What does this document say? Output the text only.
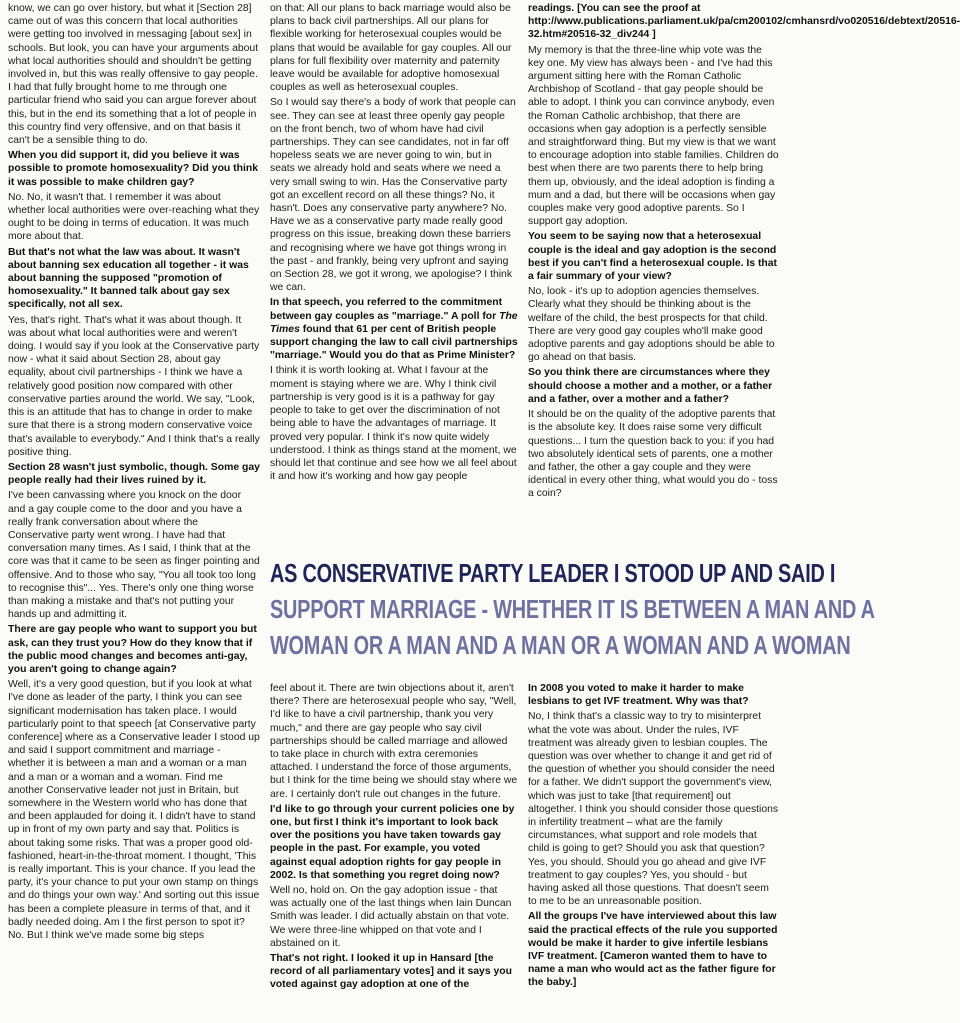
know, we can go over history, but what it [Section 28] came out of was this concern that local authorities were getting too involved in messaging [about sex] in schools. But look, you can have your arguments about what local authorities should and shouldn't be getting involved in, but this was really offensive to gay people. I had that fully brought home to me through one particular friend who said you can argue forever about this, but in the end its something that a lot of people in this country find very offensive, and on that basis it can't be a sensible thing to do.

When you did support it, did you believe it was possible to promote homosexuality? Did you think it was possible to make children gay?

No. No, it wasn't that. I remember it was about whether local authorities were over-reaching what they ought to be doing in terms of education. It was much more about that.

But that's not what the law was about. It wasn't about banning sex education all together - it was about banning the supposed "promotion of homosexuality." It banned talk about gay sex specifically, not all sex.

Yes, that's right. That's what it was about though. It was about what local authorities were and weren't doing. I would say if you look at the Conservative party now - what it said about Section 28, about gay equality, about civil partnerships - I think we have a relatively good position now compared with other conservative parties around the world. We say, "Look, this is an attitude that has to change in order to make sure that there is a strong modern conservative voice that's available to everybody." And I think that's a really positive thing.

Section 28 wasn't just symbolic, though. Some gay people really had their lives ruined by it.

I've been canvassing where you knock on the door and a gay couple come to the door and you have a really frank conversation about where the Conservative party went wrong. I have had that conversation many times. As I said, I think that at the core was that it came to be seen as finger pointing and offensive. And to those who say, "You all took too long to recognise this"... Yes. There's only one thing worse than making a mistake and that's not putting your hands up and admitting it.

There are gay people who want to support you but ask, can they trust you? How do they know that if the public mood changes and becomes anti-gay, you aren't going to change again?

Well, it's a very good question, but if you look at what I've done as leader of the party, I think you can see significant modernisation has taken place. I would particularly point to that speech [at Conservative party conference] where as a Conservative leader I stood up and said I support commitment and marriage - whether it is between a man and a woman or a man and a man or a woman and a woman. Find me another Conservative leader not just in Britain, but somewhere in the Western world who has done that and been applauded for doing it. I didn't have to stand up in front of my own party and say that. Politics is about taking some risks. That was a proper good old-fashioned, heart-in-the-throat moment. I thought, 'This is really important. This is your chance. If you lead the party, it's your chance to put your own stamp on things and do things your own way.' And sorting out this issue has been a complete pleasure in terms of that, and it badly needed doing. Am I the first person to spot it? No. But I think we've made some big steps

on that: All our plans to back marriage would also be plans to back civil partnerships. All our plans for flexible working for heterosexual couples would be plans that would be available for gay couples. All our plans for full flexibility over maternity and paternity leave would be available for adoptive homosexual couples as well as heterosexual couples.

So I would say there's a body of work that people can see. They can see at least three openly gay people on the front bench, two of whom have had civil partnerships. They can see candidates, not in far off hopeless seats we are never going to win, but in seats we already hold and seats where we need a very small swing to win. Has the Conservative party got an excellent record on all these things? No, it hasn't. Does any conservative party anywhere? No. Have we as a conservative party made really good progress on this issue, breaking down these barriers and recognising where we have got things wrong in the past - and frankly, being very upfront and saying on Section 28, we got it wrong, we apologise? I think we can.

In that speech, you referred to the commitment between gay couples as "marriage." A poll for The Times found that 61 per cent of British people support changing the law to call civil partnerships "marriage." Would you do that as Prime Minister?

I think it is worth looking at. What I favour at the moment is staying where we are. Why I think civil partnership is very good is it is a pathway for gay people to take to get over the discrimination of not being able to have the advantages of marriage. It proved very popular. I think it's now quite widely understood. I think as things stand at the moment, we should let that continue and see how we all feel about it and how it's working and how gay people

readings. [You can see the proof at http://www.publications.parliament.uk/pa/cm200102/cmhansrd/vo020516/debtext/20516-32.htm#20516-32_div244 ]

My memory is that the three-line whip vote was the key one. My view has always been - and I've had this argument sitting here with the Roman Catholic Archbishop of Scotland - that gay people should be able to adopt. I think you can convince anybody, even the Roman Catholic archbishop, that there are occasions when gay adoption is a perfectly sensible and straightforward thing. But my view is that we want to encourage adoption into stable families. Children do best when there are two parents there to help bring them up, obviously, and the ideal adoption is finding a mum and a dad, but there will be occasions when gay couples make very good adoptive parents. So I support gay adoption.

You seem to be saying now that a heterosexual couple is the ideal and gay adoption is the second best if you can't find a heterosexual couple. Is that a fair summary of your view?

No, look - it's up to adoption agencies themselves. Clearly what they should be thinking about is the welfare of the child, the best prospects for that child. There are very good gay couples who'll make good adoptive parents and gay adoptions should be able to go ahead on that basis.

So you think there are circumstances where they should choose a mother and a mother, or a father and a father, over a mother and a father?

It should be on the quality of the adoptive parents that is the absolute key. It does raise some very difficult questions... I turn the question back to you: if you had two absolutely identical sets of parents, one a mother and father, the other a gay couple and they were identical in every other thing, what would you do - toss a coin?

AS CONSERVATIVE PARTY LEADER I STOOD UP AND SAID I
SUPPORT MARRIAGE - WHETHER IT IS BETWEEN A MAN AND A
WOMAN OR A MAN AND A MAN OR A WOMAN AND A WOMAN

feel about it. There are twin objections about it, aren't there? There are heterosexual people who say, "Well, I'd like to have a civil partnership, thank you very much," and there are gay people who say civil partnerships should be called marriage and allowed to take place in church with extra ceremonies attached. I understand the force of those arguments, but I think for the time being we should stay where we are. I certainly don't rule out changes in the future.

I'd like to go through your current policies one by one, but first I think it's important to look back over the positions you have taken towards gay people in the past. For example, you voted against equal adoption rights for gay people in 2002. Is that something you regret doing now?

Well no, hold on. On the gay adoption issue - that was actually one of the last things when Iain Duncan Smith was leader. I did actually abstain on that vote. We were three-line whipped on that vote and I abstained on it.

That's not right. I looked it up in Hansard [the record of all parliamentary votes] and it says you voted against gay adoption at one of the

In 2008 you voted to make it harder to make lesbians to get IVF treatment. Why was that?

No, I think that's a classic way to try to misinterpret what the vote was about. Under the rules, IVF treatment was already given to lesbian couples. The question was over whether to change it and get rid of the question of whether you should consider the need for a father. We didn't support the government's view, which was just to take [that requirement] out altogether. I think you should consider those questions in infertility treatment – what are the family circumstances, what support and role models that child is going to get? Should you ask that question? Yes, you should. Should you go ahead and give IVF treatment to gay couples? Yes, you should - but having asked all those questions. That doesn't seem to me to be an unreasonable position.

All the groups I've have interviewed about this law said the practical effects of the rule you supported would be make it harder to give infertile lesbians IVF treatment. [Cameron wanted them to have to name a man who would act as the father figure for the baby.]
